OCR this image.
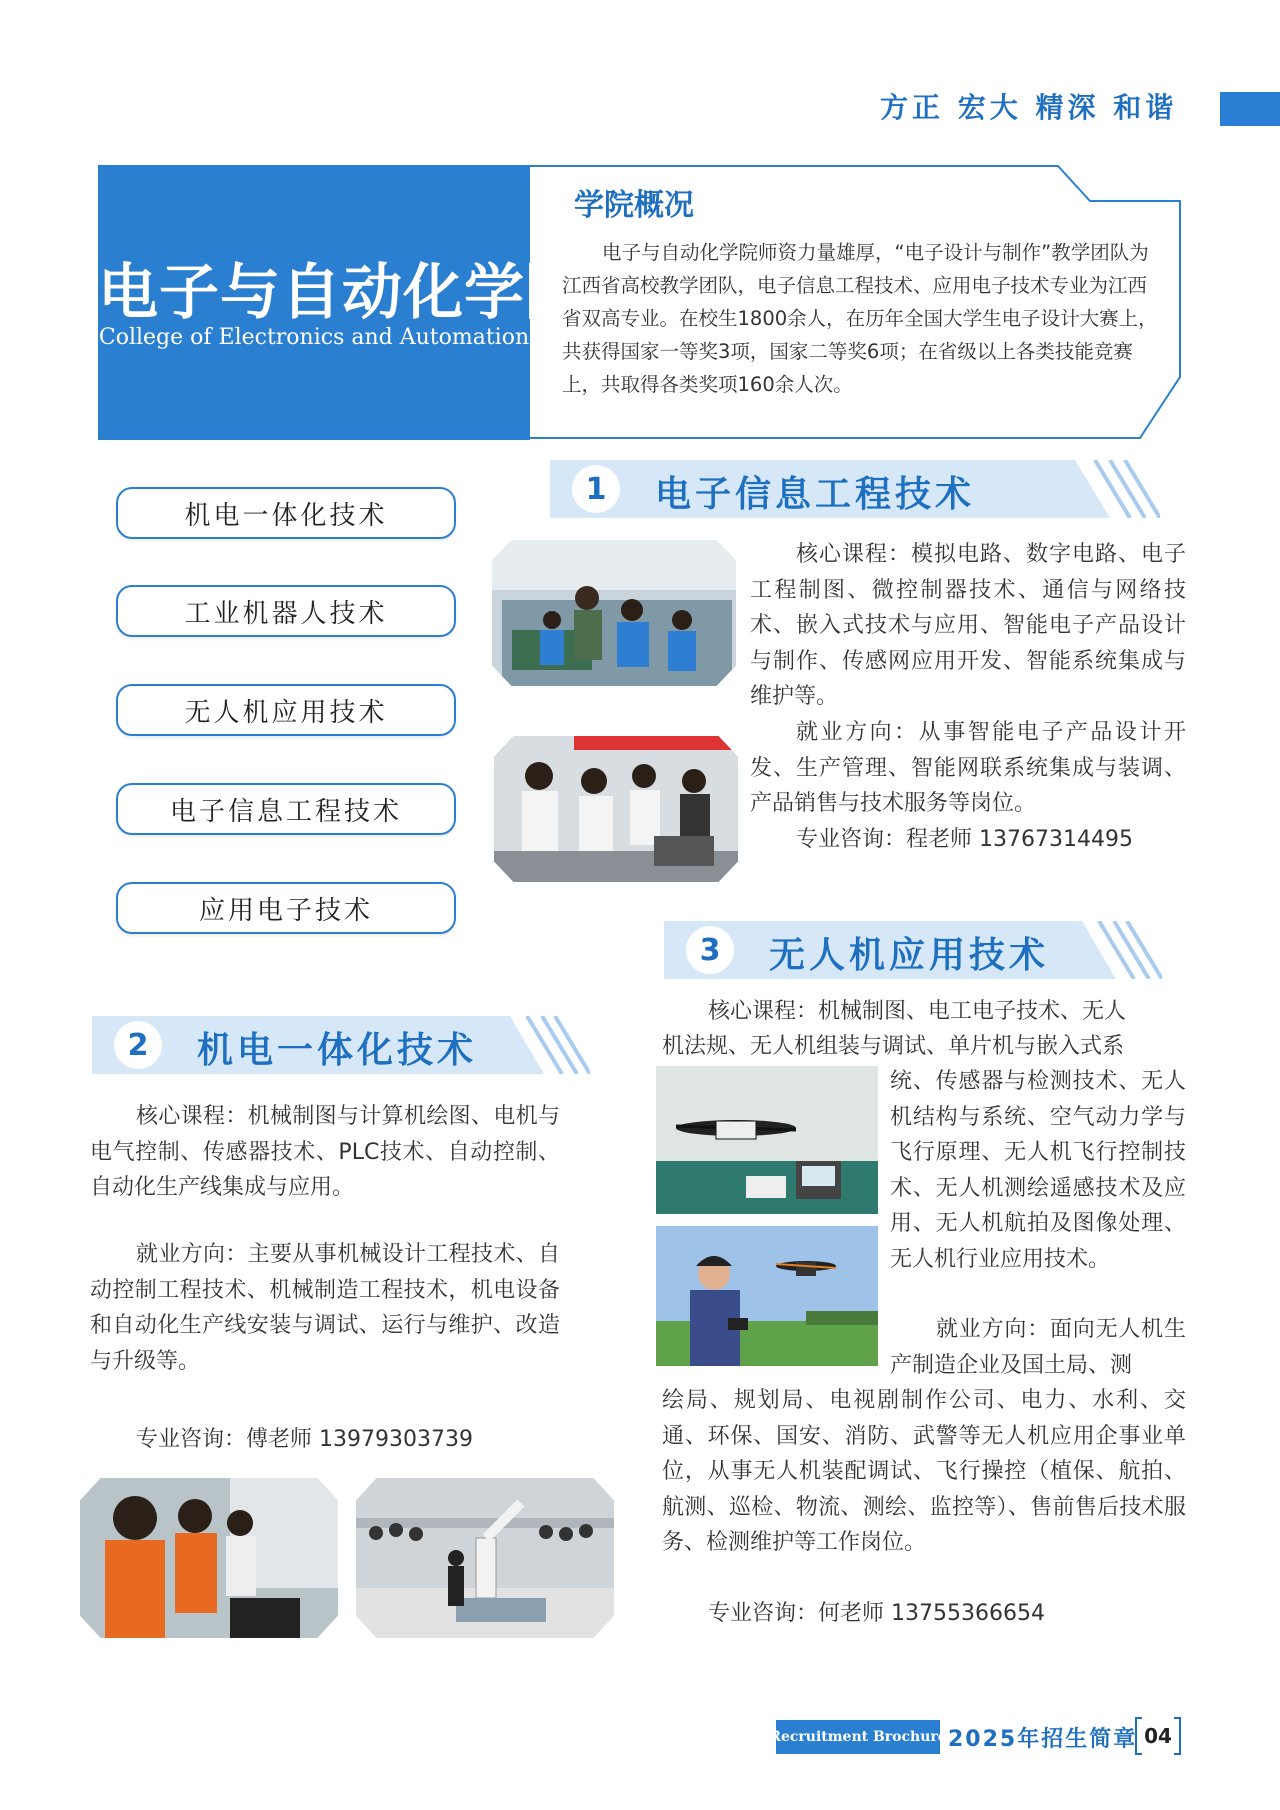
方正 宏大 精深 和谐
电子与自动化学院
College of Electronics and Automation
学院概况
电子与自动化学院师资力量雄厚，“电子设计与制作”教学团队为江西省高校教学团队，电子信息工程技术、应用电子技术专业为江西省双高专业。在校生1800余人，在历年全国大学生电子设计大赛上，共获得国家一等奖3项，国家二等奖6项；在省级以上各类技能竞赛上，共取得各类奖项160余人次。
机电一体化技术
工业机器人技术
无人机应用技术
电子信息工程技术
应用电子技术
1	电子信息工程技术
核心课程：模拟电路、数字电路、电子工程制图、微控制器技术、通信与网络技术、嵌入式技术与应用、智能电子产品设计与制作、传感网应用开发、智能系统集成与维护等。
就业方向：从事智能电子产品设计开发、生产管理、智能网联系统集成与装调、产品销售与技术服务等岗位。
专业咨询：程老师 13767314495
3	无人机应用技术
核心课程：机械制图、电工电子技术、无人
机法规、无人机组装与调试、单片机与嵌入式系
统、传感器与检测技术、无人机结构与系统、空气动力学与飞行原理、无人机飞行控制技术、无人机测绘遥感技术及应用、无人机航拍及图像处理、无人机行业应用技术。
就业方向：面向无人机生产制造企业及国土局、测
绘局、规划局、电视剧制作公司、电力、水利、交通、环保、国安、消防、武警等无人机应用企事业单位，从事无人机装配调试、飞行操控（植保、航拍、航测、巡检、物流、测绘、监控等）、售前售后技术服务、检测维护等工作岗位。
专业咨询：何老师 13755366654
2	机电一体化技术
核心课程：机械制图与计算机绘图、电机与电气控制、传感器技术、PLC技术、自动控制、自动化生产线集成与应用。
就业方向：主要从事机械设计工程技术、自动控制工程技术、机械制造工程技术，机电设备和自动化生产线安装与调试、运行与维护、改造与升级等。
专业咨询：傅老师 13979303739
Recruitment Brochure 2025年招生简章 04
